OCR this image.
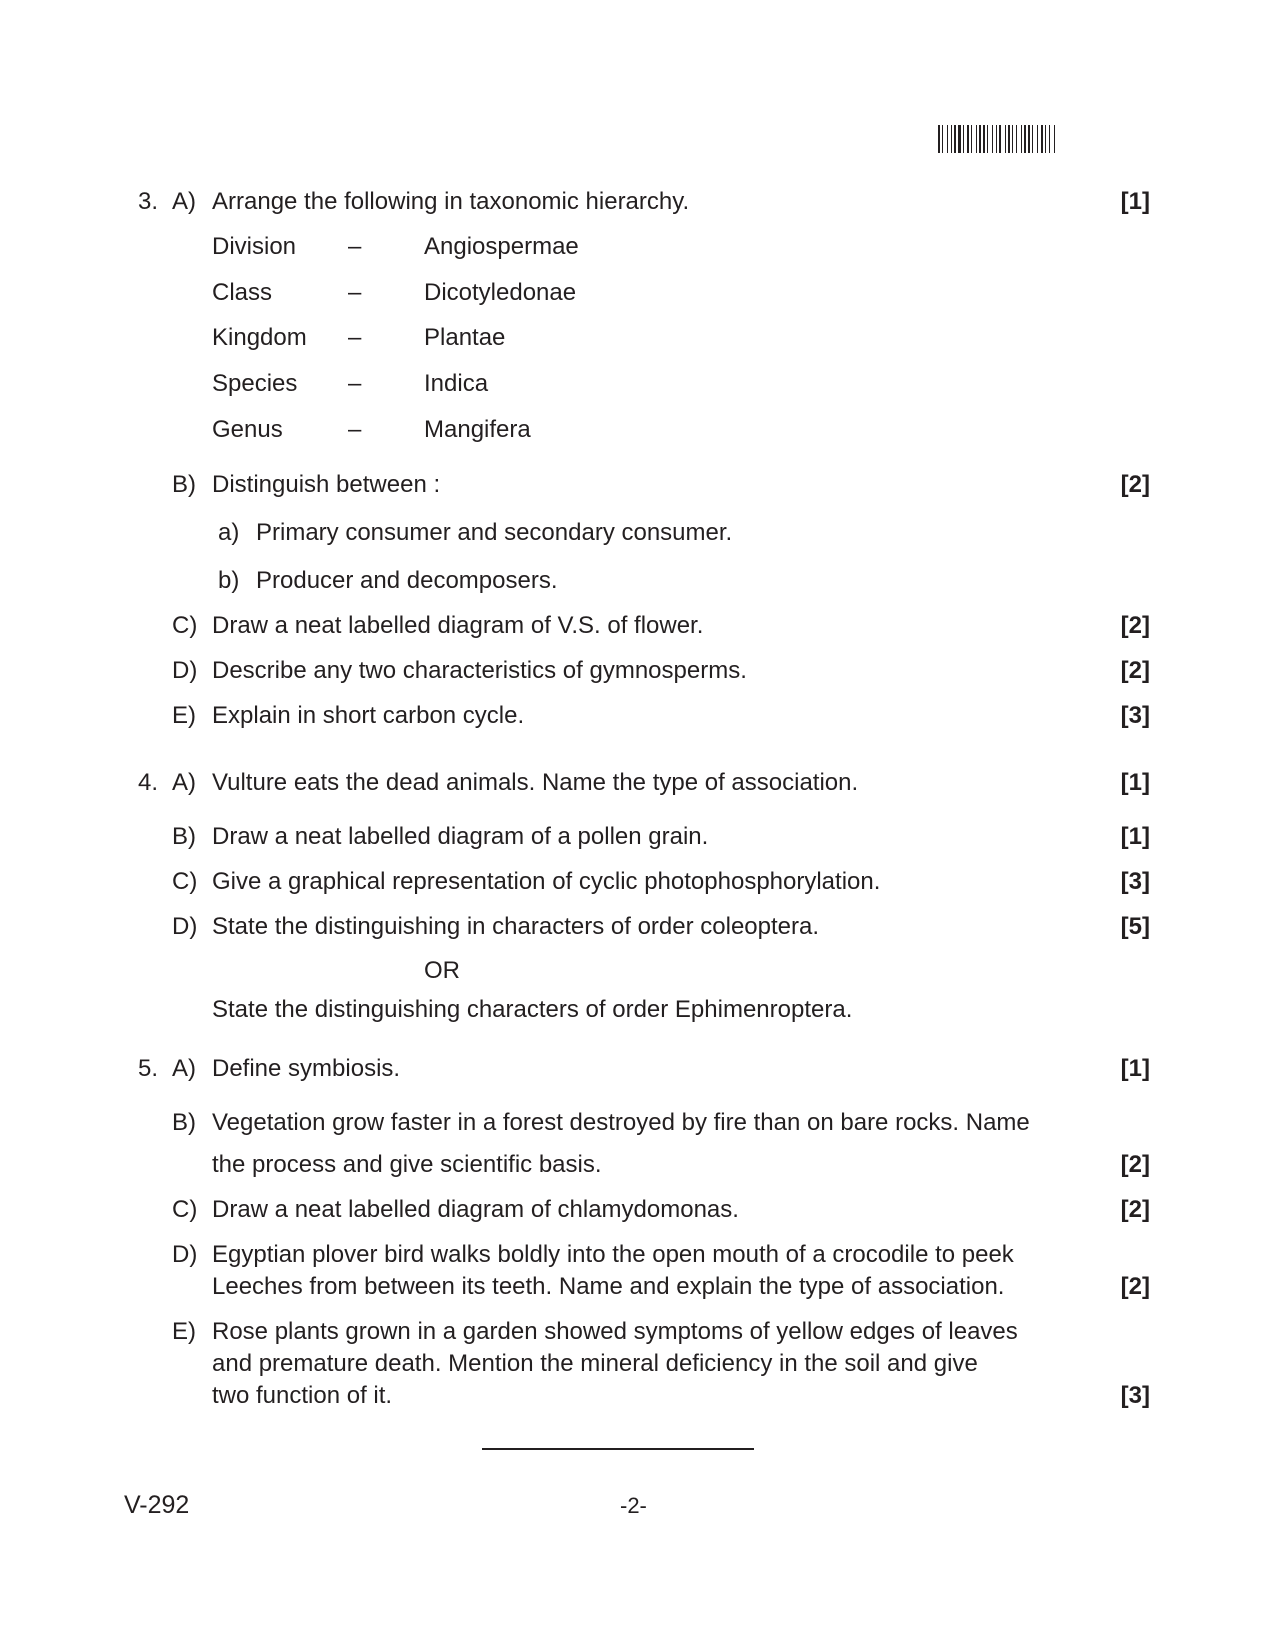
3. A) Arrange the following in taxonomic hierarchy.	[1]
Division –	Angiospermae
Class	–	Dicotyledonae
Kingdom –	Plantae
Species –	Indica
Genus	–	Mangifera
B) Distinguish between :	[2]
a) Primary consumer and secondary consumer.
b) Producer and decomposers.
C) Draw a neat labelled diagram of V.S. of flower.	[2]
D) Describe any two characteristics of gymnosperms.	[2]
E) Explain in short carbon cycle.	[3]
4. A) Vulture eats the dead animals. Name the type of association.	[1]
B) Draw a neat labelled diagram of a pollen grain.	[1]
C) Give a graphical representation of cyclic photophosphorylation.	[3]
D) State the distinguishing in characters of order coleoptera.	[5]
OR
State the distinguishing characters of order Ephimenroptera.
5. A) Define symbiosis.	[1]
B) Vegetation grow faster in a forest destroyed by fire than on bare rocks. Name
the process and give scientific basis.	[2]
C) Draw a neat labelled diagram of chlamydomonas.	[2]
D) Egyptian plover bird walks boldly into the open mouth of a crocodile to peek
Leeches from between its teeth. Name and explain the type of association.	[2]
E) Rose plants grown in a garden showed symptoms of yellow edges of leaves
and premature death. Mention the mineral deficiency in the soil and give
two function of it.	[3]
V-292	-2-
